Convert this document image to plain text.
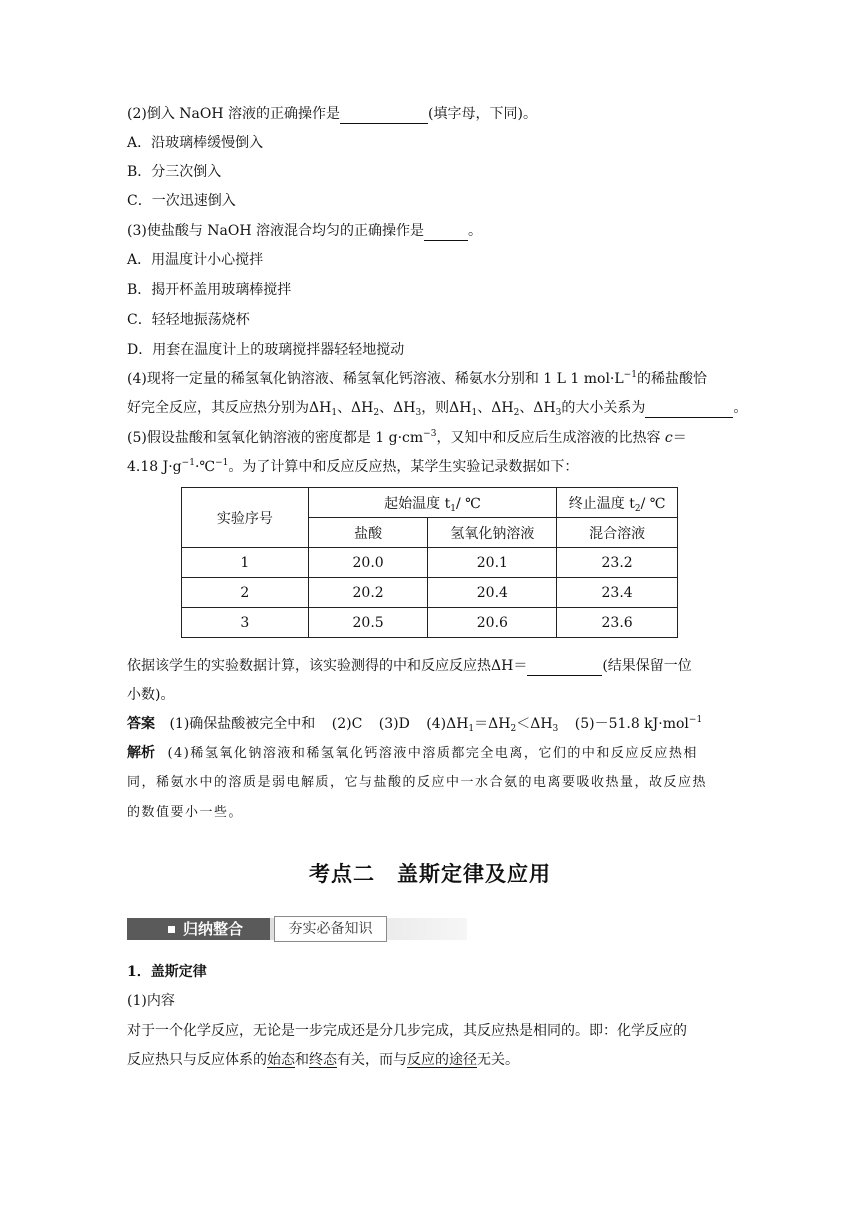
(2)倒入 NaOH 溶液的正确操作是	(填字母，下同)。
A．沿玻璃棒缓慢倒入
B．分三次倒入
C．一次迅速倒入
(3)使盐酸与 NaOH 溶液混合均匀的正确操作是	。
A．用温度计小心搅拌
B．揭开杯盖用玻璃棒搅拌
C．轻轻地振荡烧杯
D．用套在温度计上的玻璃搅拌器轻轻地搅动
(4)现将一定量的稀氢氧化钠溶液、稀氢氧化钙溶液、稀氨水分别和 1 L 1 $mol\cdot L^{-1}$的稀盐酸恰
好完全反应，其反应热分别为$\Delta H_1$、$\Delta H_2$、$\Delta H_3$，则$\Delta H_1$、$\Delta H_2$、$\Delta H_3$的大小关系为	。
(5)假设盐酸和氢氧化钠溶液的密度都是 1 $g\cdot cm^{-3}$，又知中和反应后生成溶液的比热容 c＝
4.18 $J\cdot g^{-1}\cdot℃^{-1}$。为了计算中和反应反应热，某学生实验记录数据如下：
实验序号	起始温度 $t_1/$ ℃		终止温度 $t_2/$ ℃
	盐酸	氢氧化钠溶液	混合溶液
1	20.0	20.1	23.2
2	20.2	20.4	23.4
3	20.5	20.6	23.6
依据该学生的实验数据计算，该实验测得的中和反应反应热ΔH＝	(结果保留一位
小数)。
答案 (1)确保盐酸被完全中和 (2)C (3)D $(4)\Delta H_1=\Delta H_2<\Delta H_3$ (5)－51.8 kJ·mol$^{-1}$
解析 (4)稀氢氧化钠溶液和稀氢氧化钙溶液中溶质都完全电离，它们的中和反应反应热相
同，稀氨水中的溶质是弱电解质，它与盐酸的反应中一水合氨的电离要吸收热量，故反应热
的数值要小一些。
考点二　盖斯定律及应用
归纳整合	夯实必备知识
1．盖斯定律
(1)内容
对于一个化学反应，无论是一步完成还是分几步完成，其反应热是相同的。即：化学反应的
反应热只与反应体系的始态和终态有关，而与反应的途径无关。
